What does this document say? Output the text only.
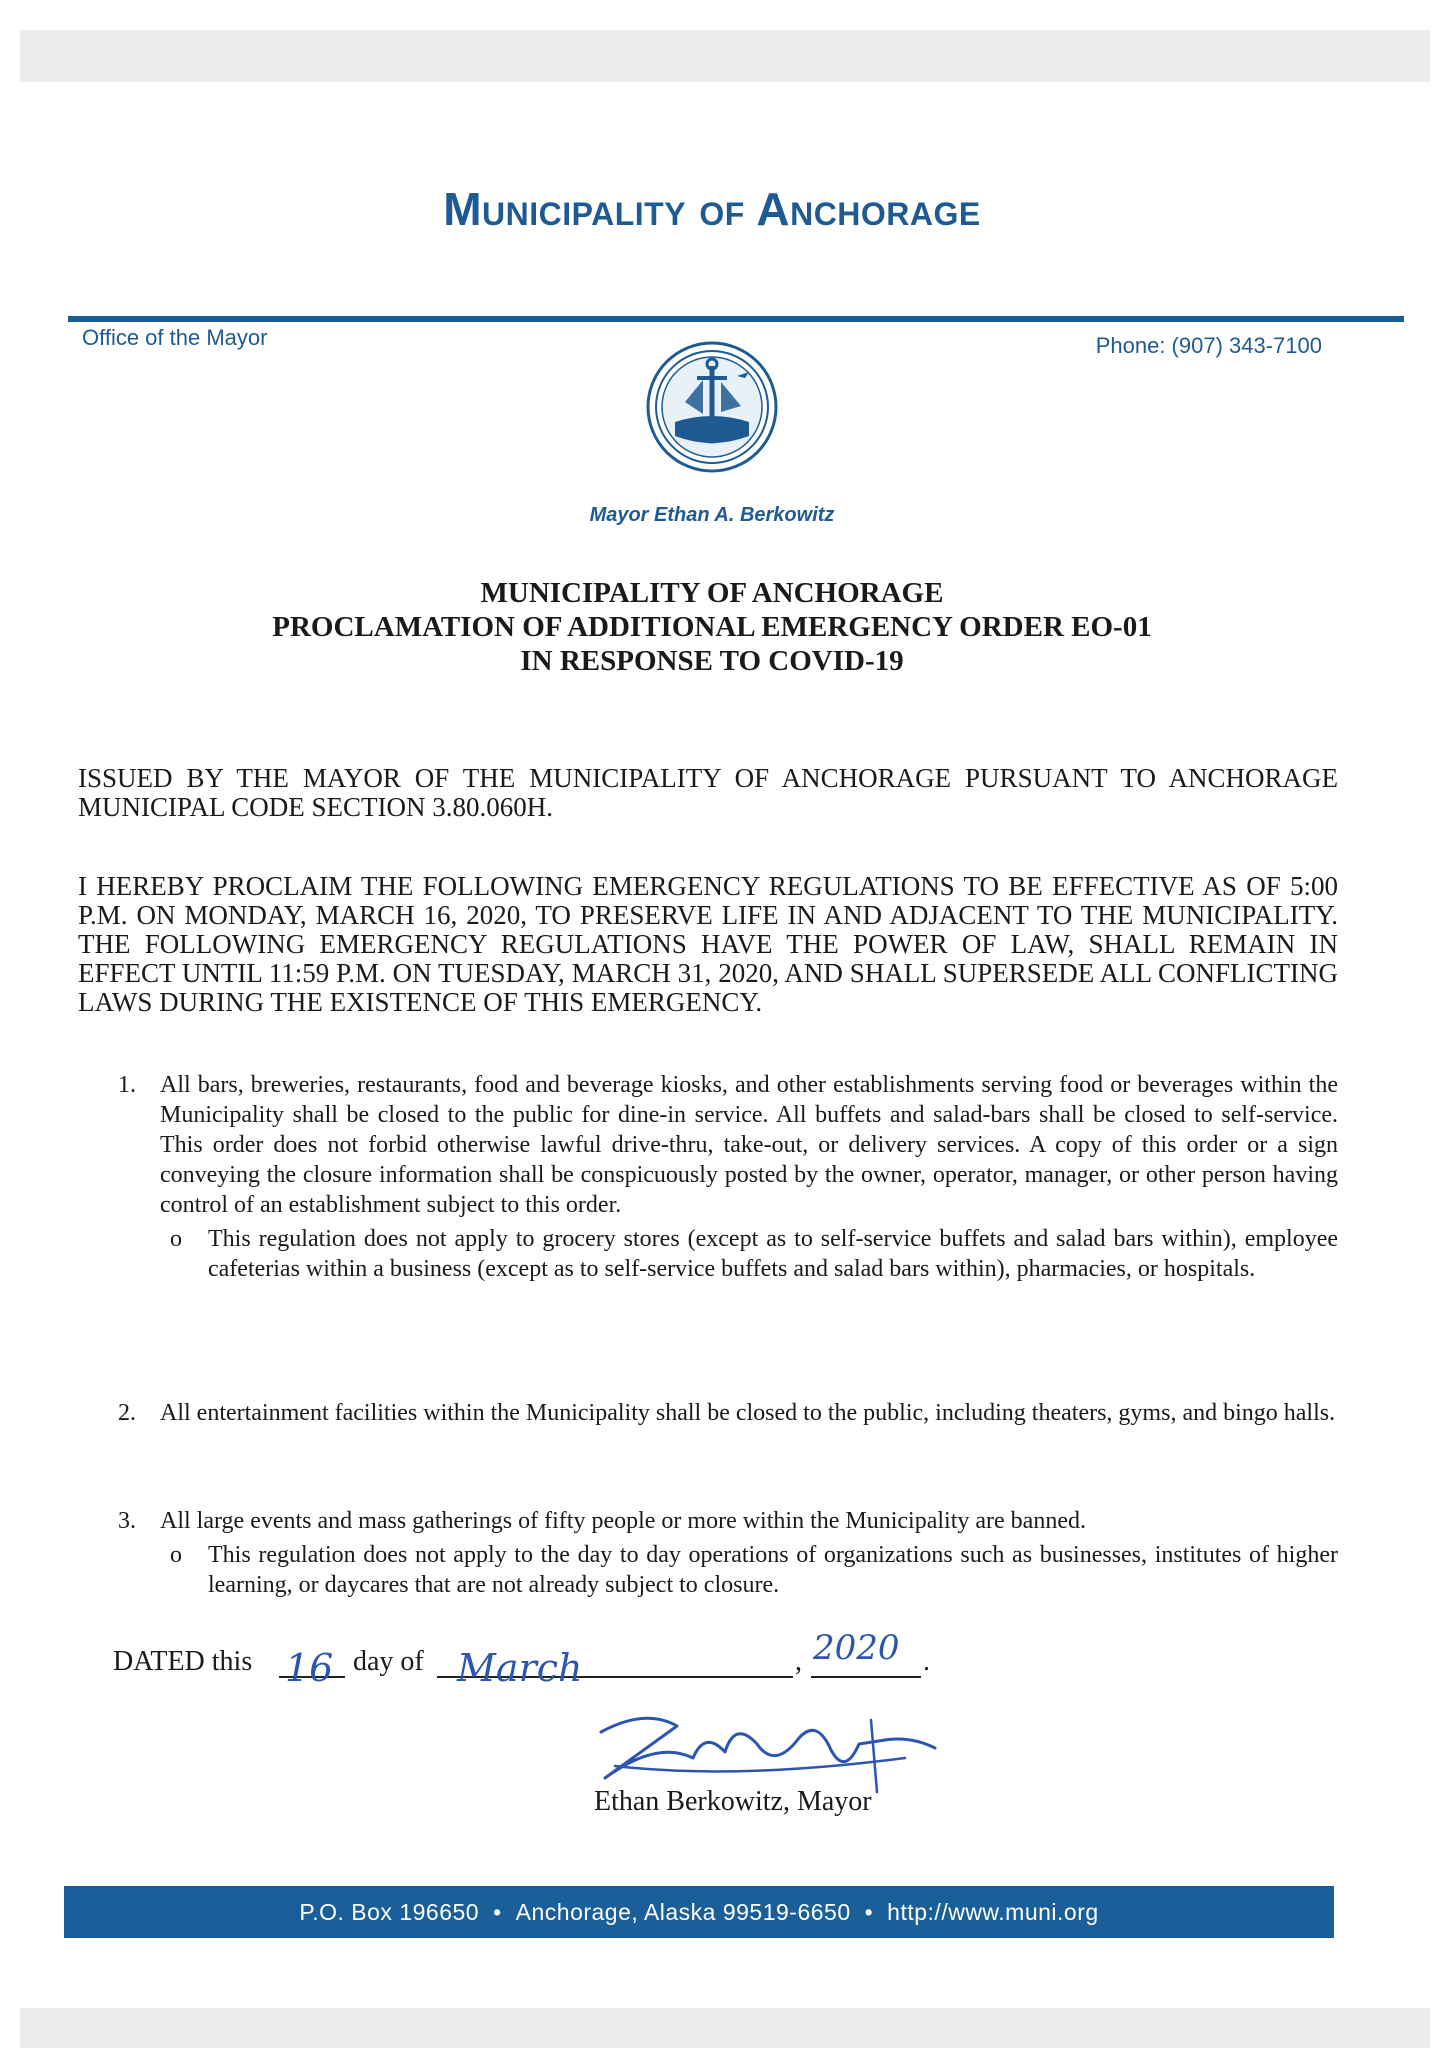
Municipality of Anchorage
Office of the Mayor	Phone: (907) 343-7100
Mayor Ethan A. Berkowitz
MUNICIPALITY OF ANCHORAGE
PROCLAMATION OF ADDITIONAL EMERGENCY ORDER EO-01
IN RESPONSE TO COVID-19
ISSUED BY THE MAYOR OF THE MUNICIPALITY OF ANCHORAGE PURSUANT TO ANCHORAGE MUNICIPAL CODE SECTION 3.80.060H.
I HEREBY PROCLAIM THE FOLLOWING EMERGENCY REGULATIONS TO BE EFFECTIVE AS OF 5:00 P.M. ON MONDAY, MARCH 16, 2020, TO PRESERVE LIFE IN AND ADJACENT TO THE MUNICIPALITY. THE FOLLOWING EMERGENCY REGULATIONS HAVE THE POWER OF LAW, SHALL REMAIN IN EFFECT UNTIL 11:59 P.M. ON TUESDAY, MARCH 31, 2020, AND SHALL SUPERSEDE ALL CONFLICTING LAWS DURING THE EXISTENCE OF THIS EMERGENCY.
1. All bars, breweries, restaurants, food and beverage kiosks, and other establishments serving food or beverages within the Municipality shall be closed to the public for dine-in service. All buffets and salad-bars shall be closed to self-service. This order does not forbid otherwise lawful drive-thru, take-out, or delivery services. A copy of this order or a sign conveying the closure information shall be conspicuously posted by the owner, operator, manager, or other person having control of an establishment subject to this order.
o This regulation does not apply to grocery stores (except as to self-service buffets and salad bars within), employee cafeterias within a business (except as to self-service buffets and salad bars within), pharmacies, or hospitals.
2. All entertainment facilities within the Municipality shall be closed to the public, including theaters, gyms, and bingo halls.
3. All large events and mass gatherings of fifty people or more within the Municipality are banned.
o This regulation does not apply to the day to day operations of organizations such as businesses, institutes of higher learning, or daycares that are not already subject to closure.
DATED this 16 day of March	, 2020 .
Ethan Berkowitz, Mayor
P.O. Box 196650 • Anchorage, Alaska 99519-6650 • http://www.muni.org
